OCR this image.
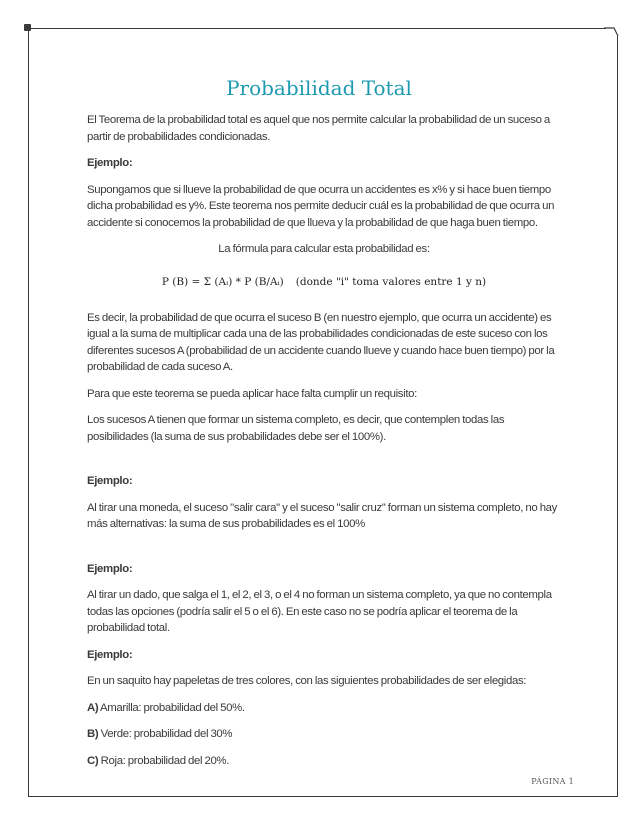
Probabilidad Total

El Teorema de la probabilidad total es aquel que nos permite calcular la probabilidad de un suceso a partir de probabilidades condicionadas.

Ejemplo:

Supongamos que si llueve la probabilidad de que ocurra un accidentes es x% y si hace buen tiempo dicha probabilidad es y%. Este teorema nos permite deducir cuál es la probabilidad de que ocurra un accidente si conocemos la probabilidad de que llueva y la probabilidad de que haga buen tiempo.

La fórmula para calcular esta probabilidad es:

P (B) = Σ (Aᵢ) * P (B/Aᵢ) (donde "i" toma valores entre 1 y n)

Es decir, la probabilidad de que ocurra el suceso B (en nuestro ejemplo, que ocurra un accidente) es igual a la suma de multiplicar cada una de las probabilidades condicionadas de este suceso con los diferentes sucesos A (probabilidad de un accidente cuando llueve y cuando hace buen tiempo) por la probabilidad de cada suceso A.

Para que este teorema se pueda aplicar hace falta cumplir un requisito:

Los sucesos A tienen que formar un sistema completo, es decir, que contemplen todas las posibilidades (la suma de sus probabilidades debe ser el 100%).

Ejemplo:

Al tirar una moneda, el suceso "salir cara" y el suceso "salir cruz" forman un sistema completo, no hay más alternativas: la suma de sus probabilidades es el 100%

Ejemplo:

Al tirar un dado, que salga el 1, el 2, el 3, o el 4 no forman un sistema completo, ya que no contempla todas las opciones (podría salir el 5 o el 6). En este caso no se podría aplicar el teorema de la probabilidad total.

Ejemplo:

En un saquito hay papeletas de tres colores, con las siguientes probabilidades de ser elegidas:

A) Amarilla: probabilidad del 50%.

B) Verde: probabilidad del 30%

C) Roja: probabilidad del 20%.

PÁGINA 1
